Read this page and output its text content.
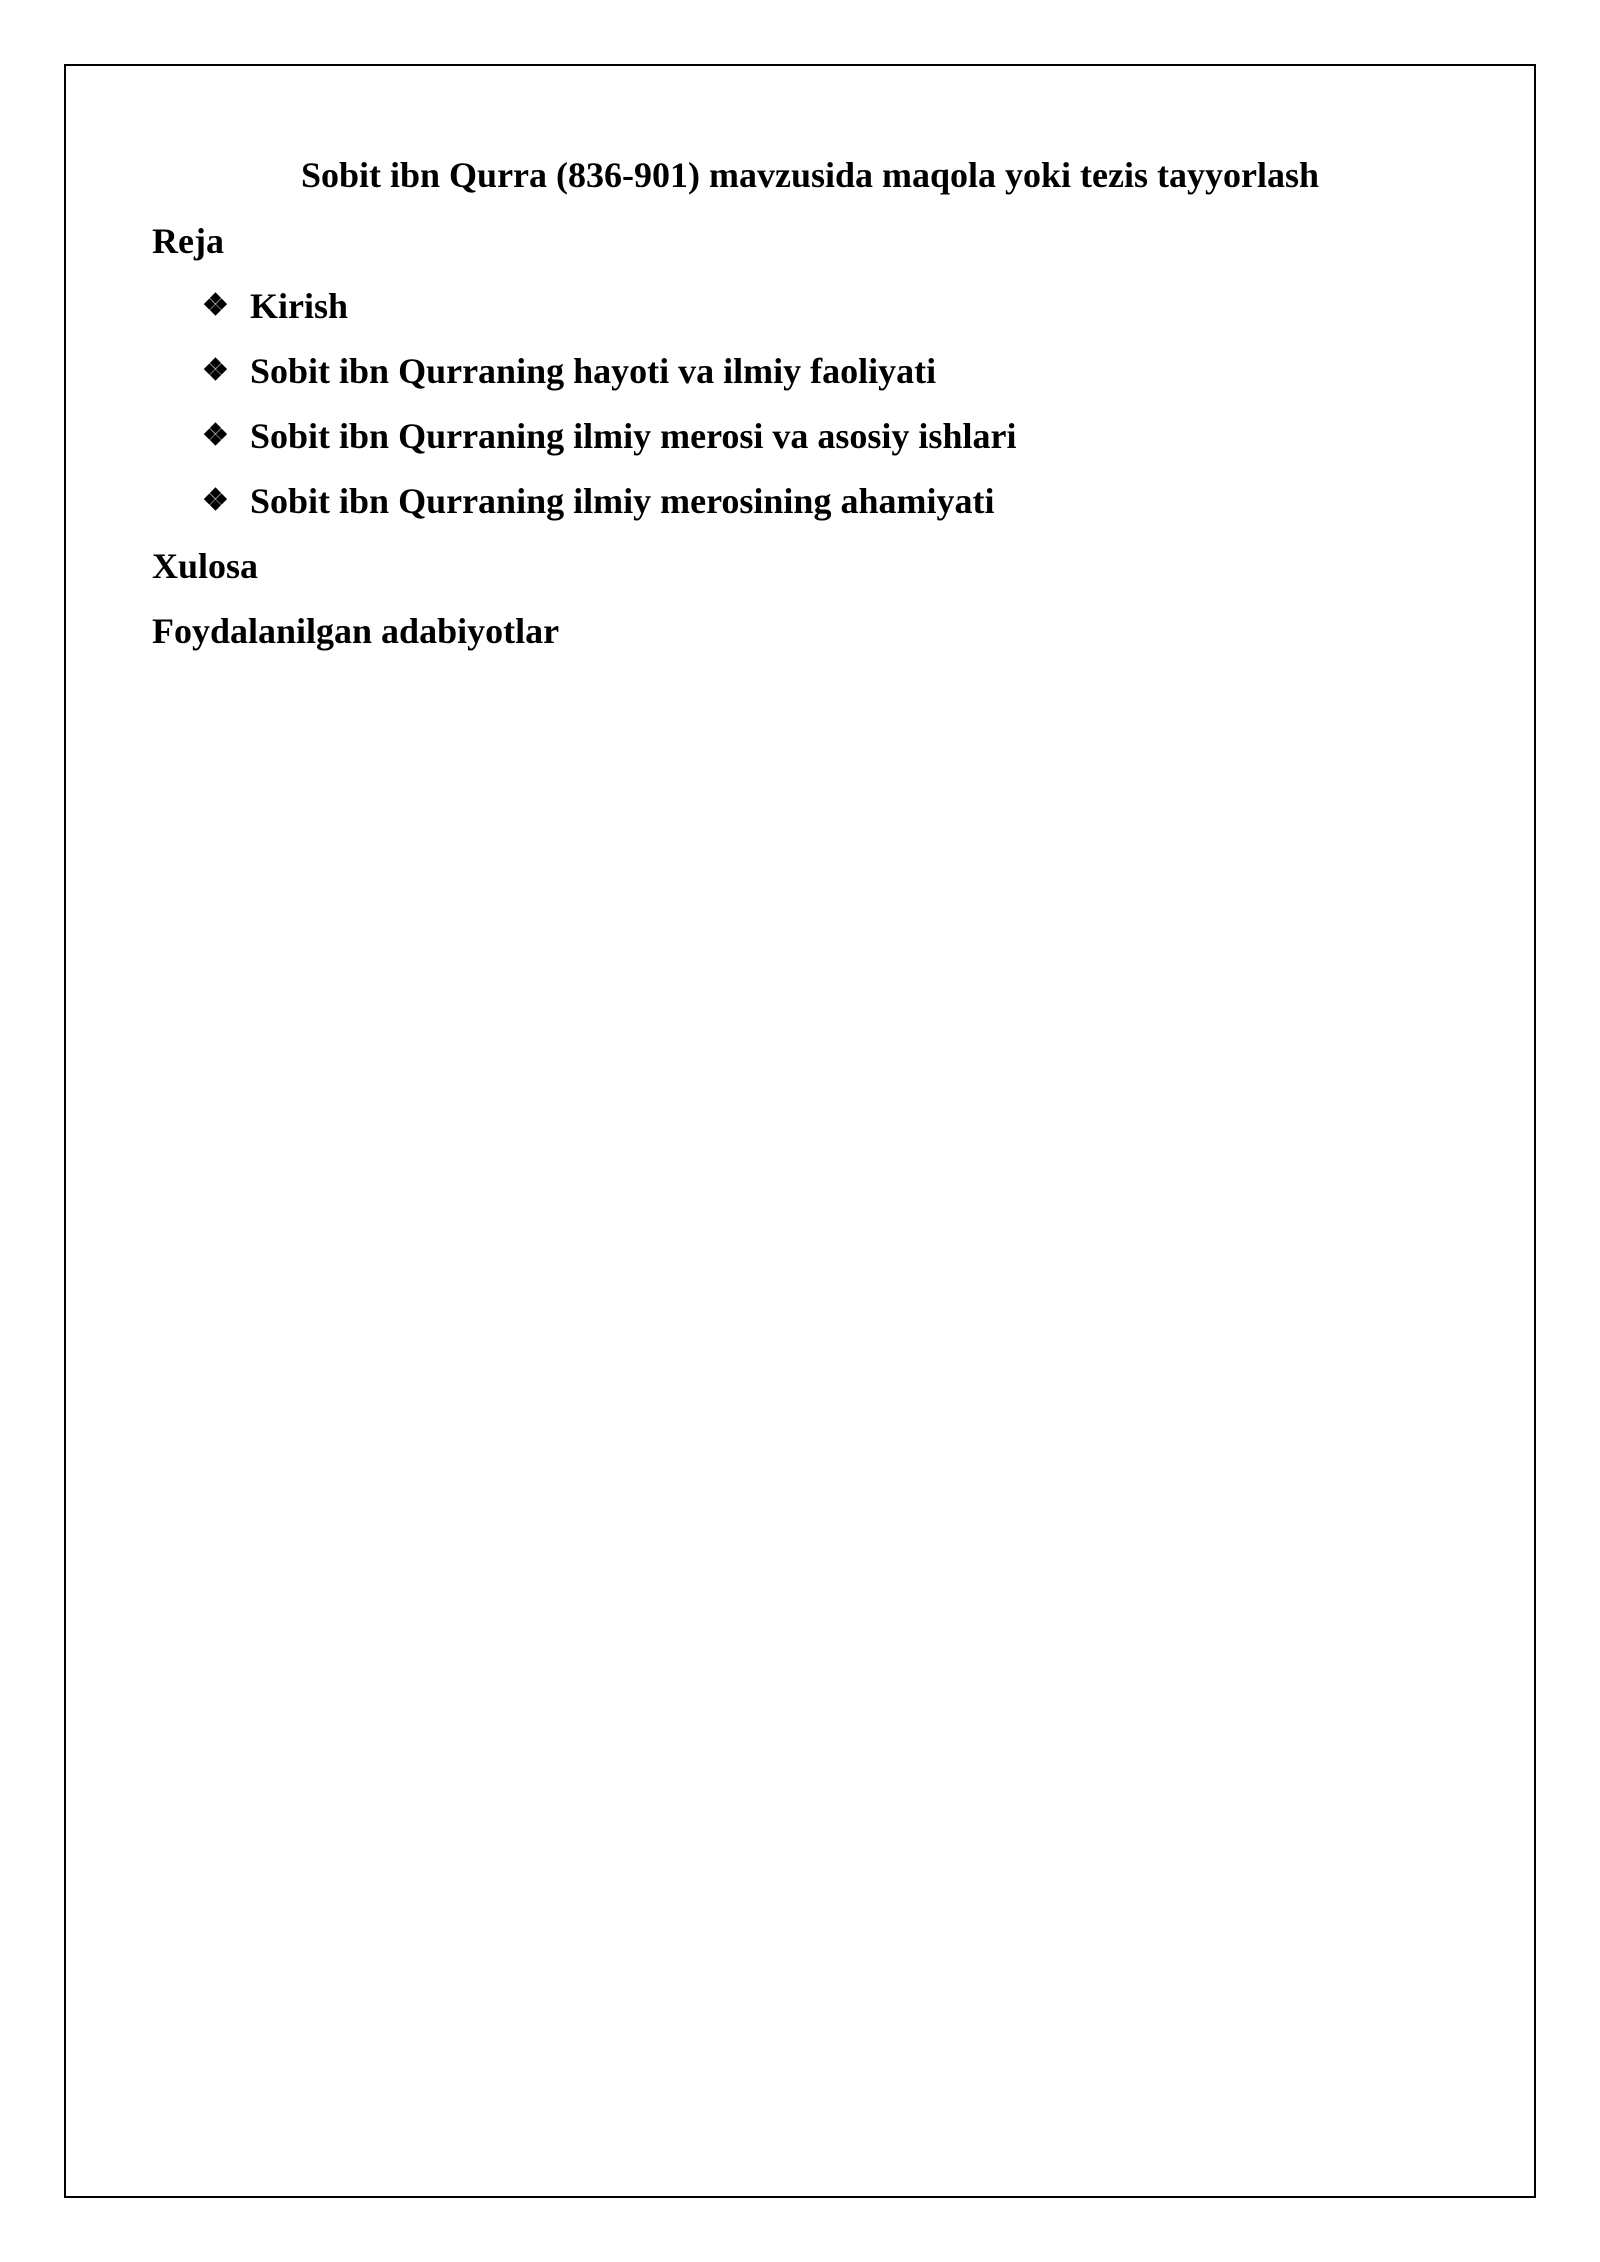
Sobit ibn Qurra (836-901) mavzusida maqola yoki tezis tayyorlash

Reja

❖ Kirish
❖ Sobit ibn Qurraning hayoti va ilmiy faoliyati
❖ Sobit ibn Qurraning ilmiy merosi va asosiy ishlari
❖ Sobit ibn Qurraning ilmiy merosining ahamiyati

Xulosa

Foydalanilgan adabiyotlar
